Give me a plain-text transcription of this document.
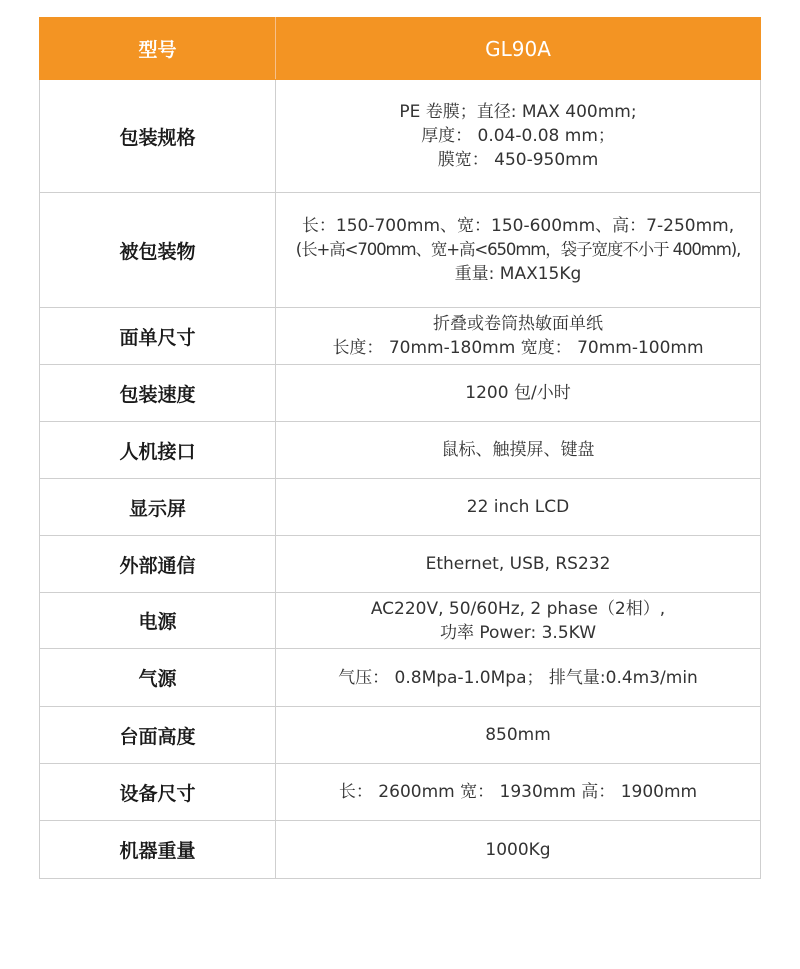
型号	GL90A
包装规格	PE 卷膜；直径: MAX 400mm;
厚度： 0.04-0.08 mm；
膜宽： 450-950mm

被包装物	长：150-700mm、宽：150-600mm、高：7-250mm,
(长+高<700mm、宽+高<650mm，袋子宽度不小于 400mm),
重量: MAX15Kg

面单尺寸	折叠或卷筒热敏面单纸
长度： 70mm-180mm 宽度： 70mm-100mm

包装速度	1200 包/小时

人机接口	鼠标、触摸屏、键盘

显示屏	22 inch LCD

外部通信	Ethernet, USB, RS232

电源	AC220V, 50/60Hz, 2 phase（2相）,
功率 Power: 3.5KW

气源	气压： 0.8Mpa-1.0Mpa； 排气量:0.4m3/min

台面高度	850mm

设备尺寸	长： 2600mm 宽： 1930mm 高： 1900mm

机器重量	1000Kg
